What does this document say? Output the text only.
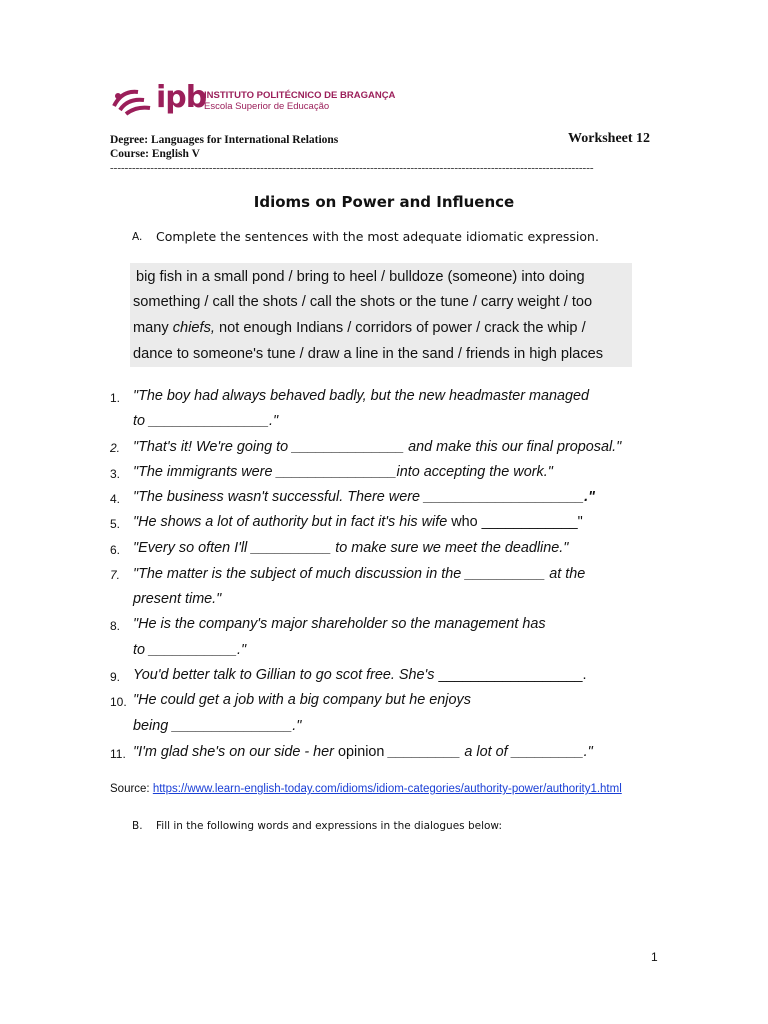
ipb
INSTITUTO POLITÉCNICO DE BRAGANÇA
Escola Superior de Educação
Degree: Languages for International Relations
Course: English V
Worksheet 12
------------------------------------------------------------------------------------------------------------------------------------
Idioms on Power and Influence
A. Complete the sentences with the most adequate idiomatic expression.
big fish in a small pond / bring to heel / bulldoze (someone) into doing
something / call the shots / call the shots or the tune / carry weight / too
many chiefs, not enough Indians / corridors of power / crack the whip /
dance to someone's tune / draw a line in the sand / friends in high places
1. "The boy had always behaved badly, but the new headmaster managed
to _______________."
2. "That's it! We're going to ______________ and make this our final proposal."
3. "The immigrants were _______________into accepting the work."
4. "The business wasn't successful. There were ____________________."
5. "He shows a lot of authority but in fact it's his wife who ____________"
6. "Every so often I'll __________ to make sure we meet the deadline."
7. "The matter is the subject of much discussion in the __________ at the
present time."
8. "He is the company's major shareholder so the management has
to ___________."
9. You'd better talk to Gillian to go scot free. She's __________________.
10. "He could get a job with a big company but he enjoys
being _______________."
11. "I'm glad she's on our side - her opinion _________ a lot of _________."
Source: https://www.learn-english-today.com/idioms/idiom-categories/authority-power/authority1.html
B. Fill in the following words and expressions in the dialogues below:
1
